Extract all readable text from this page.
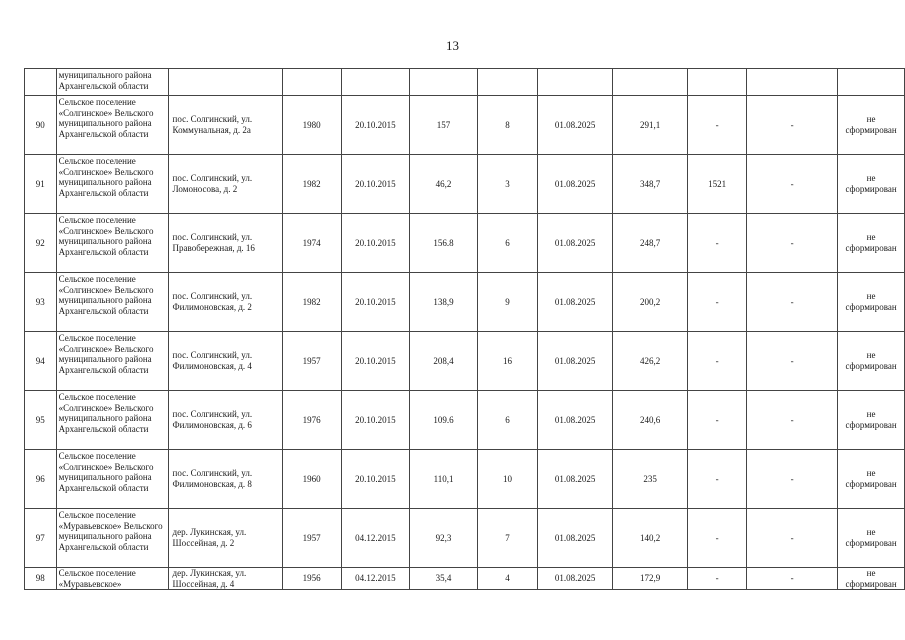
13
	муниципального района Архангельской области										
90	Сельское поселение «Солгинское» Вельского муниципального района Архангельской области	пос. Солгинский, ул. Коммунальная, д. 2а	1980	20.10.2015	157	8	01.08.2025	291,1	-	-	не сформирован
91	Сельское поселение «Солгинское» Вельского муниципального района Архангельской области	пос. Солгинский, ул. Ломоносова, д. 2	1982	20.10.2015	46,2	3	01.08.2025	348,7	1521	-	не сформирован
92	Сельское поселение «Солгинское» Вельского муниципального района Архангельской области	пос. Солгинский, ул. Правобережная, д. 16	1974	20.10.2015	156.8	6	01.08.2025	248,7	-	-	не сформирован
93	Сельское поселение «Солгинское» Вельского муниципального района Архангельской области	пос. Солгинский, ул. Филимоновская, д. 2	1982	20.10.2015	138,9	9	01.08.2025	200,2	-	-	не сформирован
94	Сельское поселение «Солгинское» Вельского муниципального района Архангельской области	пос. Солгинский, ул. Филимоновская, д. 4	1957	20.10.2015	208,4	16	01.08.2025	426,2	-	-	не сформирован
95	Сельское поселение «Солгинское» Вельского муниципального района Архангельской области	пос. Солгинский, ул. Филимоновская, д. 6	1976	20.10.2015	109.6	6	01.08.2025	240,6	-	-	не сформирован
96	Сельское поселение «Солгинское» Вельского муниципального района Архангельской области	пос. Солгинский, ул. Филимоновская, д. 8	1960	20.10.2015	110,1	10	01.08.2025	235	-	-	не сформирован
97	Сельское поселение «Муравьевское» Вельского муниципального района Архангельской области	дер. Лукинская, ул. Шоссейная, д. 2	1957	04.12.2015	92,3	7	01.08.2025	140,2	-	-	не сформирован
98	Сельское поселение «Муравьевское»	дер. Лукинская, ул. Шоссейная, д. 4	1956	04.12.2015	35,4	4	01.08.2025	172,9	-	-	не сформирован
